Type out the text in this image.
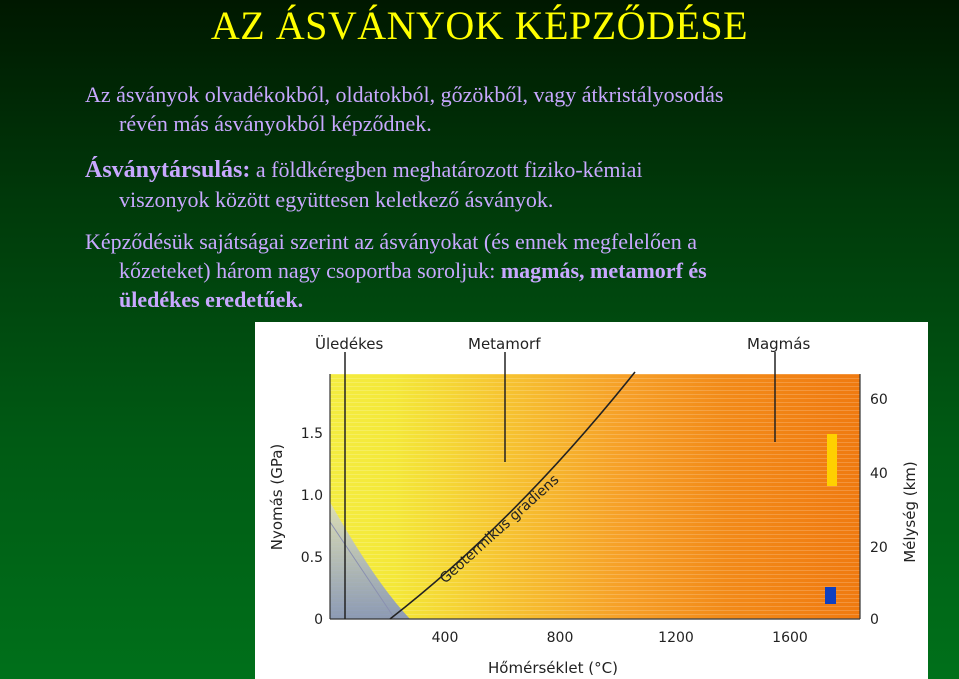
AZ ÁSVÁNYOK KÉPZŐDÉSE
Az ásványok olvadékokból, oldatokból, gőzökből, vagy átkristályosodás
révén más ásványokból képződnek.
Ásványtársulás: a földkéregben meghatározott fiziko-kémiai
viszonyok között együttesen keletkező ásványok.
Képződésük sajátságai szerint az ásványokat (és ennek megfelelően a
kőzeteket) három nagy csoportba soroljuk: magmás, metamorf és
üledékes eredetűek.
Üledékes	Metamorf	Magmás
Geotermikus gradiens
0
0.5
1.0
1.5
0
20
40
60
400	800	1200	1600
Hőmérséklet (°C)
Nyomás (GPa)	Mélység (km)
